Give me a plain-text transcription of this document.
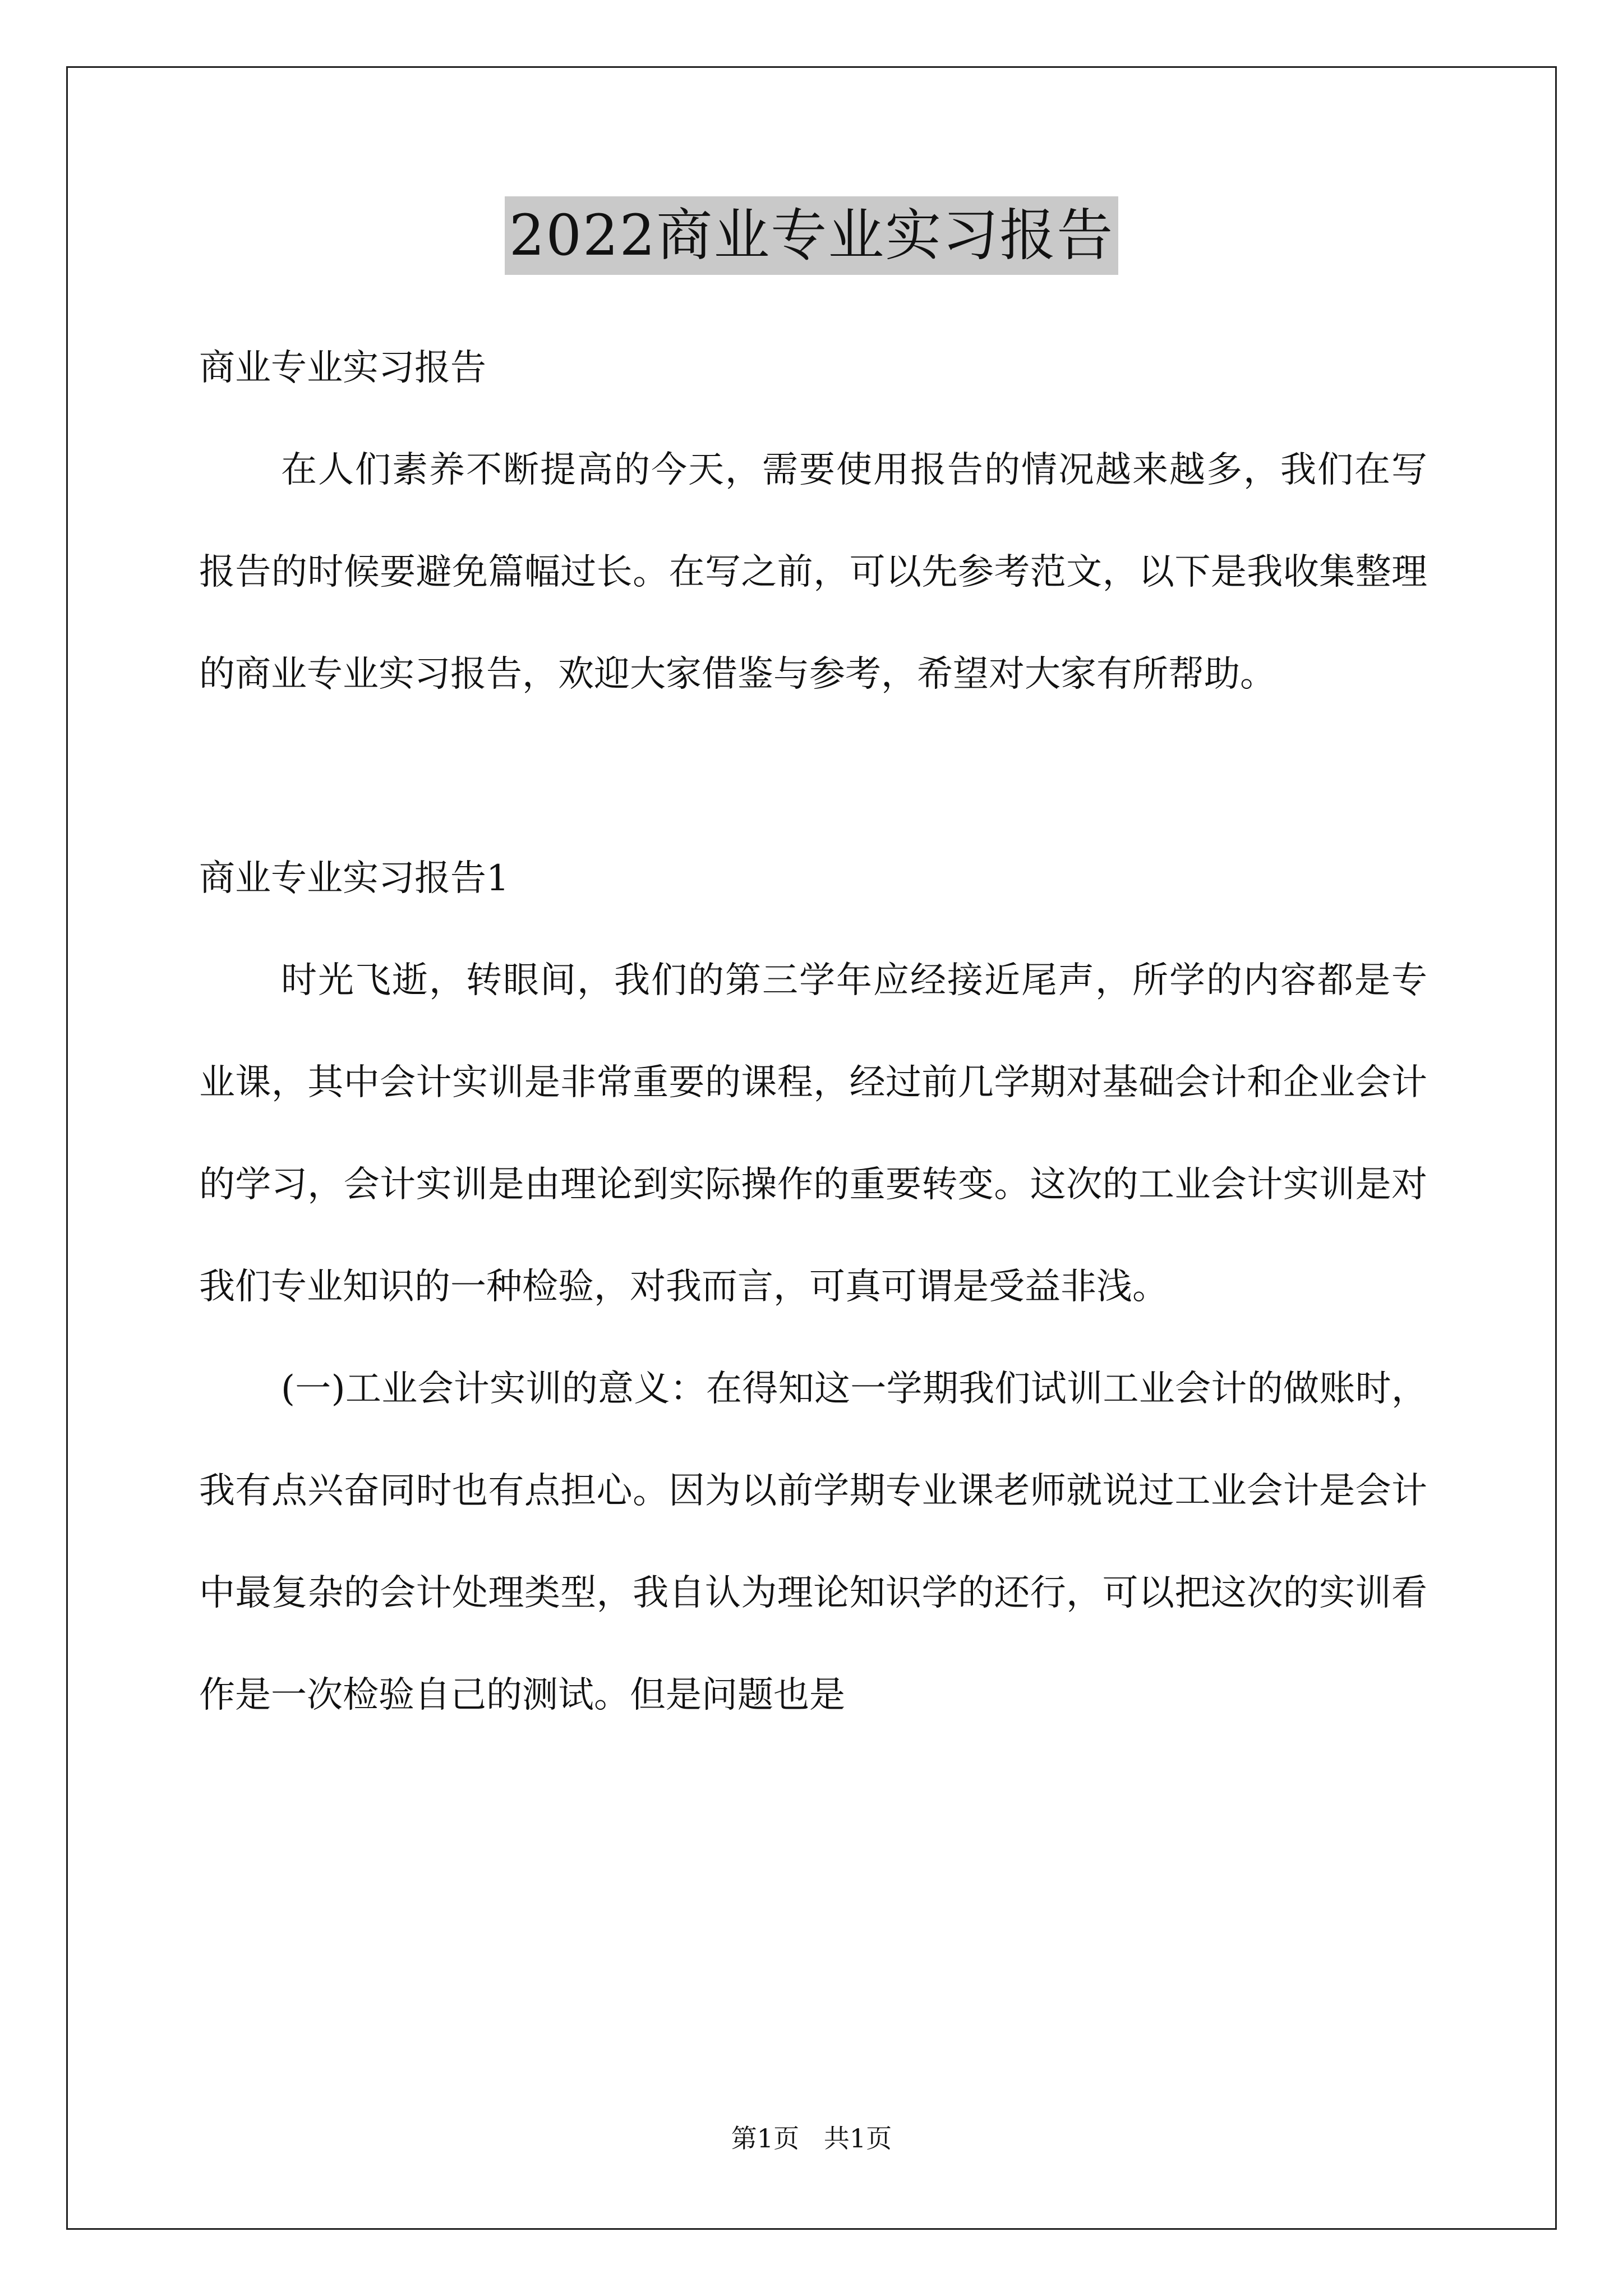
2022商业专业实习报告

商业专业实习报告

在人们素养不断提高的今天，需要使用报告的情况越来越多，我们在写报告的时候要避免篇幅过长。在写之前，可以先参考范文，以下是我收集整理的商业专业实习报告，欢迎大家借鉴与参考，希望对大家有所帮助。

商业专业实习报告1

时光飞逝，转眼间，我们的第三学年应经接近尾声，所学的内容都是专业课，其中会计实训是非常重要的课程，经过前几学期对基础会计和企业会计的学习，会计实训是由理论到实际操作的重要转变。这次的工业会计实训是对我们专业知识的一种检验，对我而言，可真可谓是受益非浅。

(一)工业会计实训的意义：在得知这一学期我们试训工业会计的做账时，我有点兴奋同时也有点担心。因为以前学期专业课老师就说过工业会计是会计中最复杂的会计处理类型，我自认为理论知识学的还行，可以把这次的实训看作是一次检验自己的测试。但是问题也是

第1页   共1页
